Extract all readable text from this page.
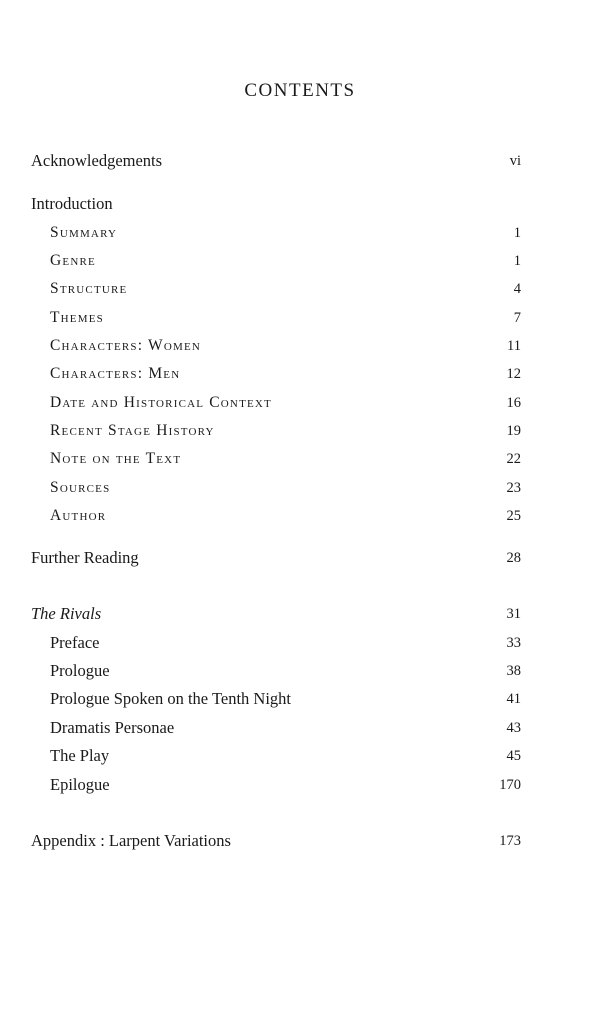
CONTENTS
Acknowledgements	vi
Introduction
Summary	1
Genre	1
Structure	4
Themes	7
Characters: Women	11
Characters: Men	12
Date and Historical Context	16
Recent Stage History	19
Note on the Text	22
Sources	23
Author	25
Further Reading	28
The Rivals	31
Preface	33
Prologue	38
Prologue Spoken on the Tenth Night	41
Dramatis Personae	43
The Play	45
Epilogue	170
Appendix : Larpent Variations	173
